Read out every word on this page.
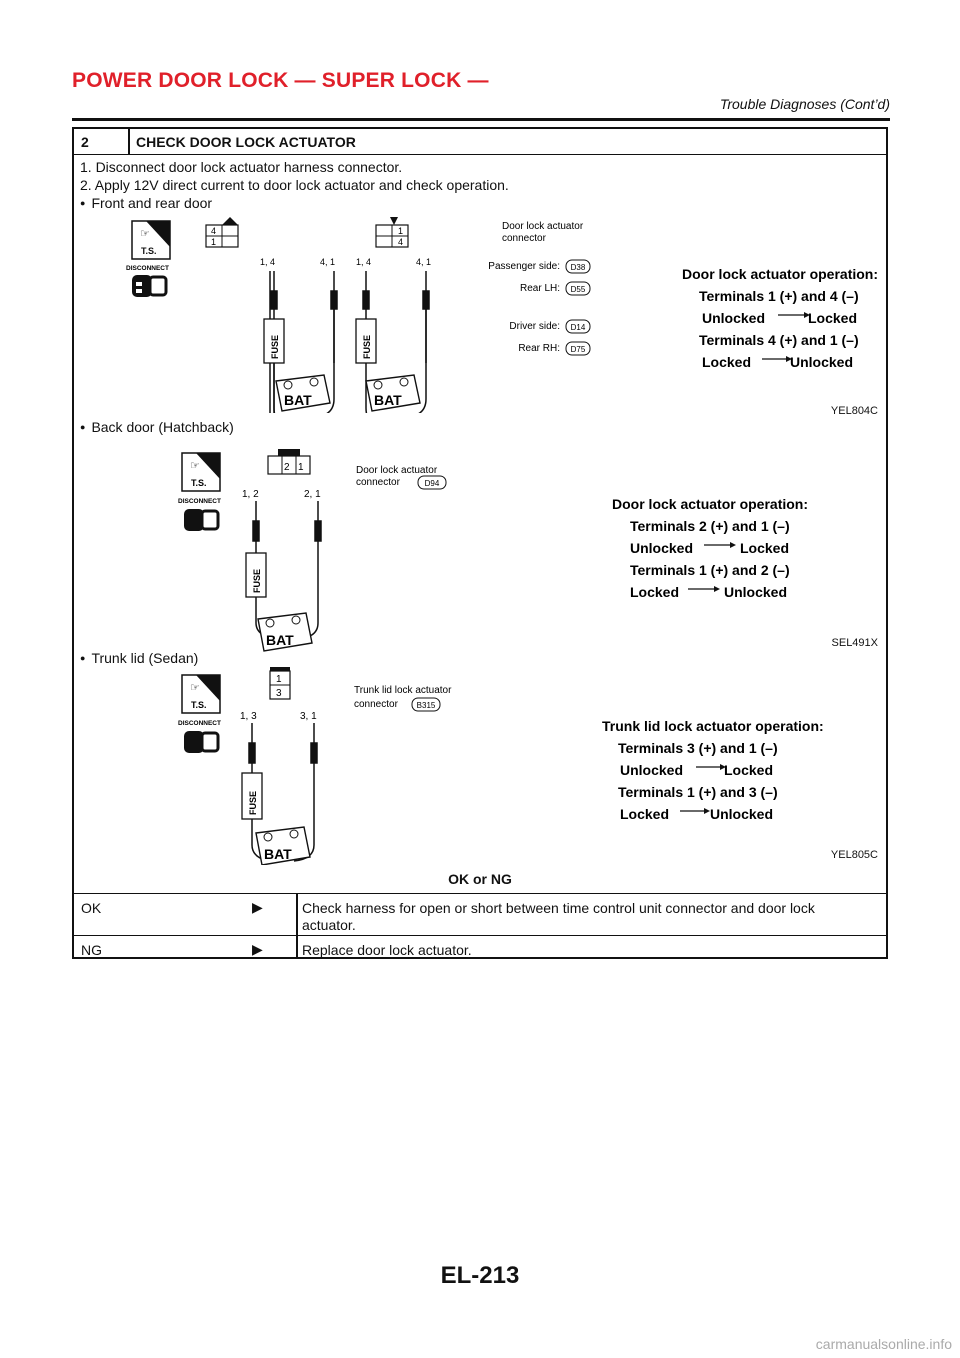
POWER DOOR LOCK — SUPER LOCK —
Trouble Diagnoses (Cont’d)
2	CHECK DOOR LOCK ACTUATOR
1. Disconnect door lock actuator harness connector.
2. Apply 12V direct current to door lock actuator and check operation.
● Front and rear door
☞
T.S.
DISCONNECT
4
1
1
4
1, 4	4, 1 1, 4	4, 1
FUSE	FUSE
BAT	BAT
Door lock actuator
connector
Passenger side: D38
Rear LH: D55
Driver side: D14
Rear RH: D75
Door lock actuator operation:
Terminals 1 (+) and 4 (–)
Unlocked	Locked
Terminals 4 (+) and 1 (–)
Locked	Unlocked
YEL804C
● Back door (Hatchback)
☞
T.S.
DISCONNECT
2 1
1, 2	2, 1
FUSE
BAT
Door lock actuator
connector	D94
Door lock actuator operation:
Terminals 2 (+) and 1 (–)
Unlocked	Locked
Terminals 1 (+) and 2 (–)
Locked	Unlocked
SEL491X
● Trunk lid (Sedan)
☞
T.S.
DISCONNECT
1
3
1, 3	3, 1
FUSE
BAT
Trunk lid lock actuator
connector B315
Trunk lid lock actuator operation:
Terminals 3 (+) and 1 (–)
Unlocked	Locked
Terminals 1 (+) and 3 (–)
Locked	Unlocked
YEL805C
OK or NG
OK	▶	Check harness for open or short between time control unit connector and door lock actuator.
NG	▶	Replace door lock actuator.
EL-213
carmanualsonline.info
